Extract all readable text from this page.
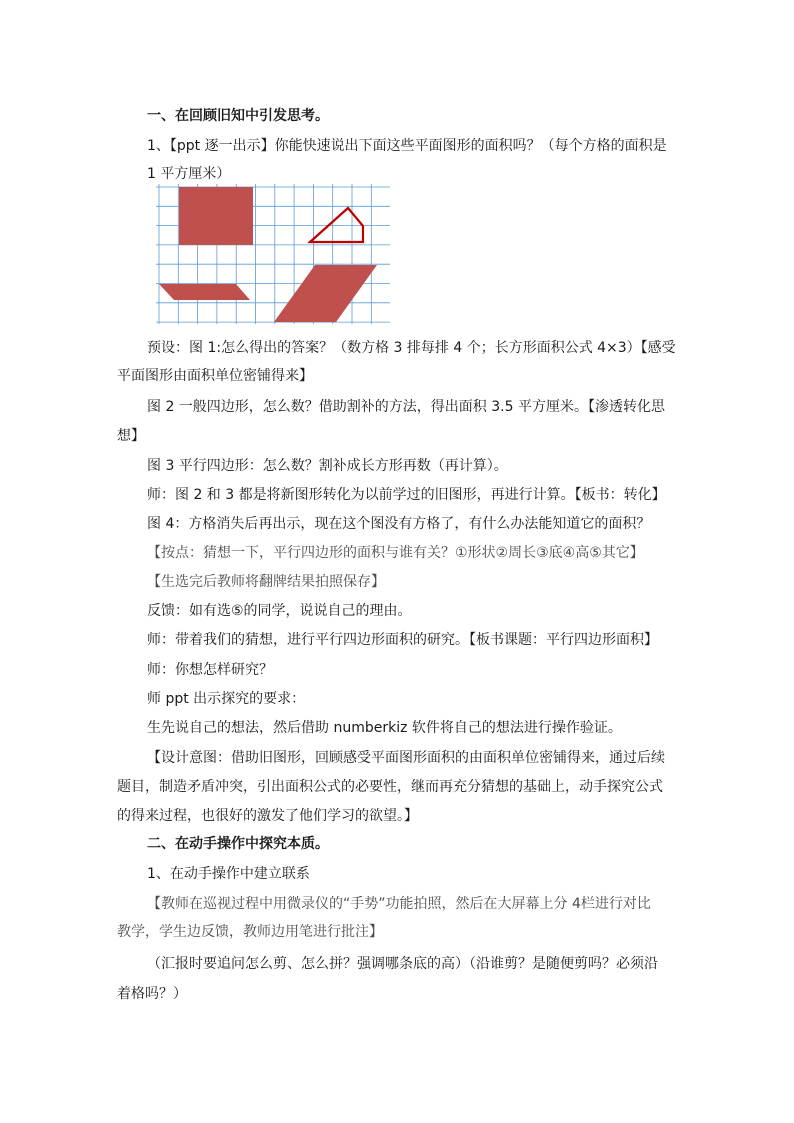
一、在回顾旧知中引发思考。
1、【ppt 逐一出示】你能快速说出下面这些平面图形的面积吗？（每个方格的面积是
1 平方厘米）
预设：图 1:怎么得出的答案？（数方格 3 排每排 4 个；长方形面积公式 4×3）【感受
平面图形由面积单位密铺得来】
图 2 一般四边形，怎么数？借助割补的方法，得出面积 3.5 平方厘米。【渗透转化思
想】
图 3 平行四边形：怎么数？割补成长方形再数（再计算）。
师：图 2 和 3 都是将新图形转化为以前学过的旧图形，再进行计算。【板书：转化】
图 4：方格消失后再出示，现在这个图没有方格了，有什么办法能知道它的面积？
【按点：猜想一下，平行四边形的面积与谁有关？①形状②周长③底④高⑤其它】
【生选完后教师将翻牌结果拍照保存】
反馈：如有选⑤的同学，说说自己的理由。
师：带着我们的猜想，进行平行四边形面积的研究。【板书课题：平行四边形面积】
师：你想怎样研究？
师 ppt 出示探究的要求：
生先说自己的想法，然后借助 numberkiz 软件将自己的想法进行操作验证。
【设计意图：借助旧图形，回顾感受平面图形面积的由面积单位密铺得来，通过后续
题目，制造矛盾冲突，引出面积公式的必要性，继而再充分猜想的基础上，动手探究公式
的得来过程，也很好的激发了他们学习的欲望。】
二、在动手操作中探究本质。
1、在动手操作中建立联系
【教师在巡视过程中用微录仪的“手势”功能拍照，然后在大屏幕上分 4栏进行对比
教学，学生边反馈，教师边用笔进行批注】
（汇报时要追问怎么剪、怎么拼？强调哪条底的高）（沿谁剪？是随便剪吗？必须沿
着格吗？）
